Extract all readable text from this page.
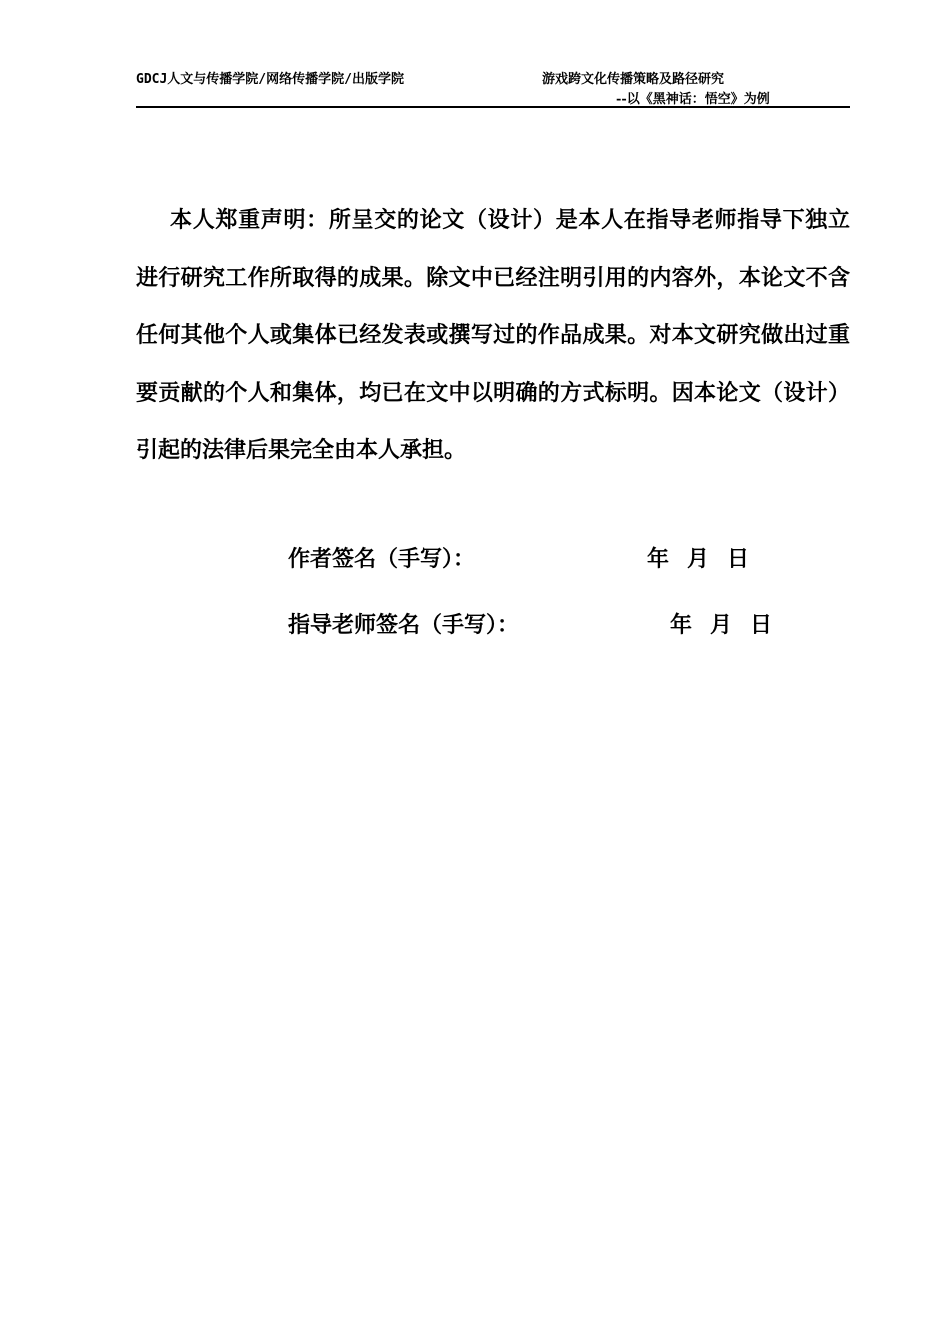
GDCJ人文与传播学院/网络传播学院/出版学院	游戏跨文化传播策略及路径研究
--以《黑神话：悟空》为例

本人郑重声明：所呈交的论文（设计）是本人在指导老师指导下独立进行研究工作所取得的成果。除文中已经注明引用的内容外，本论文不含任何其他个人或集体已经发表或撰写过的作品成果。对本文研究做出过重要贡献的个人和集体，均已在文中以明确的方式标明。因本论文（设计）引起的法律后果完全由本人承担。

作者签名（手写）：	年 月 日
指导老师签名（手写）：	年 月 日
